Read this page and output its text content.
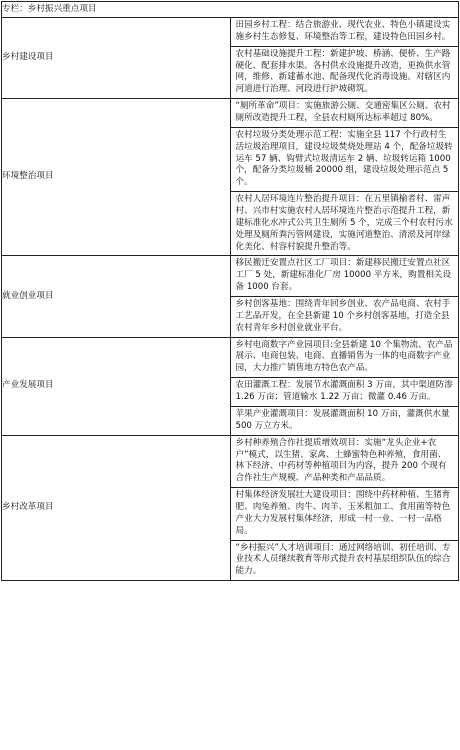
专栏：乡村振兴重点项目	
乡村建设项目	田园乡村工程：结合旅游业、现代农业、特色小镇建设实施乡村生态修复、环境整治等工程，建设特色田园乡村。
农村基础设施提升工程：新建护坡、桥涵、便桥、生产路硬化、配套排水渠。各村供水设施提升改造，更换供水管网，维修、新建蓄水池、配备现代化消毒设施。对辖区内河道进行治理、河段进行护坡砌筑。

环境整治项目	“厕所革命”项目：实施旅游公厕、交通密集区公厕、农村厕所改造提升工程，全县农村厕所达标率超过 80%。
农村垃圾分类处理示范工程：实施全县 117 个行政村生活垃圾治理项目，建设垃圾焚烧处理站 4 个，配备垃圾转运车 57 辆、钩臂式垃圾清运车 2 辆、垃圾转运箱 1000 个，配备分类垃圾桶 20000 组，建设垃圾处理示范点 5 个。
农村人居环境连片整治提升项目：在五里镇榆者村、雷声村、兴市村实施农村人居环境连片整治示范提升工程，新建标准化水冲式公共卫生厕所 5 个，完成三个村农村污水处理及厕所粪污管网建设，实施河道整治、清淤及河岸绿化美化、村容村貌提升整治等。

就业创业项目	移民搬迁安置点社区工厂项目：新建移民搬迁安置点社区工厂 5 处，新建标准化厂房 10000 平方米，购置相关设备 1000 台套。
乡村创客基地：围绕青年回乡创业、农产品电商、农村手工艺品开发，在全县新建 10 个乡村创客基地，打造全县农村青年乡村创业就业平台。

产业发展项目	乡村电商数字产业园项目:全县新建 10 个集物流、农产品展示、电商包装、电商、直播销售为一体的电商数字产业园，大力推广销售地方特色农产品。
农田灌溉工程：发展节水灌溉面积 3 万亩，其中渠道防渗 1.26 万亩；管道输水 1.22 万亩；微灌 0.46 万亩。
苹果产业灌溉项目：发展灌溉面积 10 万亩，灌溉供水量 500 万立方米。

乡村改革项目	乡村种养殖合作社提质增效项目：实施“龙头企业+农户”模式，以生猪、家禽、土蜂蜜特色种养殖，食用菌、林下经济、中药材等种植项目为内容，提升 200 个现有合作社生产规模、产品种类和产品品质。
村集体经济发展壮大建设项目：围绕中药材种植、生猪育肥、肉兔养殖、肉牛、肉羊、玉米粗加工、食用菌等特色产业大力发展村集体经济，形成一村一业、一村一品格局。
“乡村振兴”人才培训项目：通过网络培训、初任培训、专业技术人员继续教育等形式提升农村基层组织队伍的综合能力。
